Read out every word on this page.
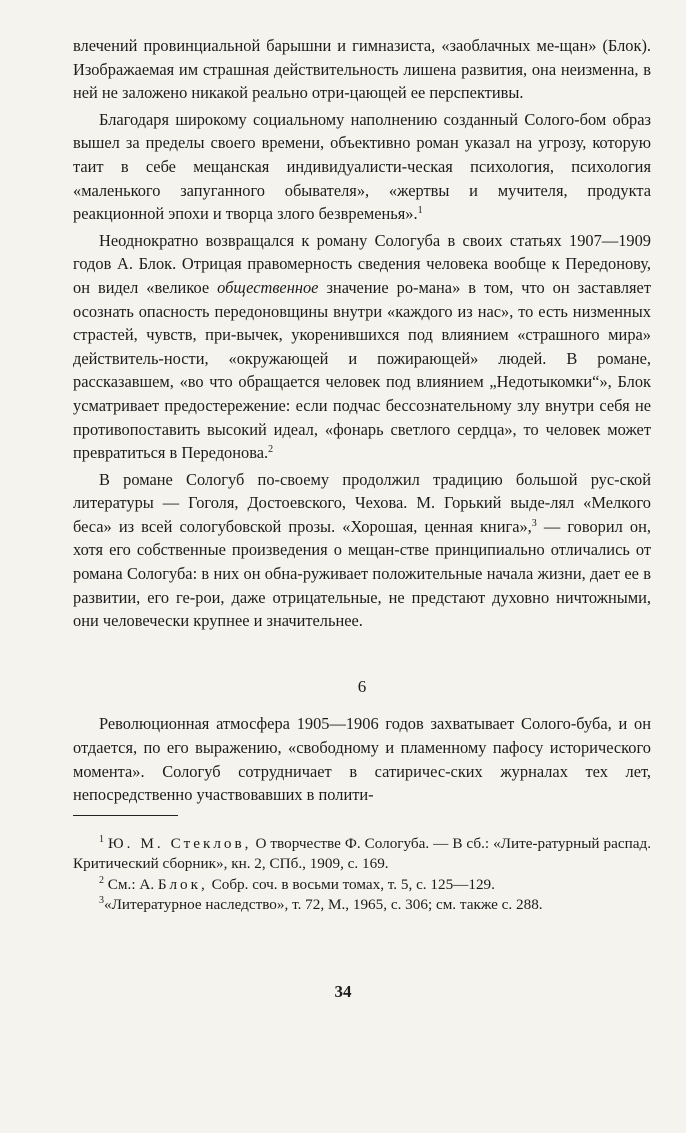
влечений провинциальной барышни и гимназиста, «заоблачных ме-щан» (Блок). Изображаемая им страшная действительность лишена развития, она неизменна, в ней не заложено никакой реально отри-цающей ее перспективы.

Благодаря широкому социальному наполнению созданный Солого-бом образ вышел за пределы своего времени, объективно роман указал на угрозу, которую таит в себе мещанская индивидуалисти-ческая психология, психология «маленького запуганного обывателя», «жертвы и мучителя, продукта реакционной эпохи и творца злого безвременья».$^1$

Неоднократно возвращался к роману Сологуба в своих статьях 1907—1909 годов А. Блок. Отрицая правомерность сведения человека вообще к Передонову, он видел «великое общественное значение ро-мана» в том, что он заставляет осознать опасность передоновщины внутри «каждого из нас», то есть низменных страстей, чувств, при-вычек, укоренившихся под влиянием «страшного мира» действитель-ности, «окружающей и пожирающей» людей. В романе, рассказавшем, «во что обращается человек под влиянием „Недотыкомки“», Блок усматривает предостережение: если подчас бессознательному злу внутри себя не противопоставить высокий идеал, «фонарь светлого сердца», то человек может превратиться в Передонова.$^2$

В романе Сологуб по-своему продолжил традицию большой рус-ской литературы — Гоголя, Достоевского, Чехова. М. Горький выде-лял «Мелкого беса» из всей сологубовской прозы. «Хорошая, ценная книга»,$^3$ — говорил он, хотя его собственные произведения о мещан-стве принципиально отличались от романа Сологуба: в них он обна-руживает положительные начала жизни, дает ее в развитии, его ге-рои, даже отрицательные, не предстают духовно ничтожными, они человечески крупнее и значительнее.

6

Революционная атмосфера 1905—1906 годов захватывает Солого-буба, и он отдается, по его выражению, «свободному и пламенному пафосу исторического момента». Сологуб сотрудничает в сатиричес-ских журналах тех лет, непосредственно участвовавших в полити-

$^1$ Ю. М. Стеклов, О творчестве Ф. Сологуба. — В сб.: «Лите-ратурный распад. Критический сборник», кн. 2, СПб., 1909, с. 169.

$^2$ См.: А. Блок, Собр. соч. в восьми томах, т. 5, с. 125—129.

$^3$«Литературное наследство», т. 72, М., 1965, с. 306; см. также с. 288.

34
